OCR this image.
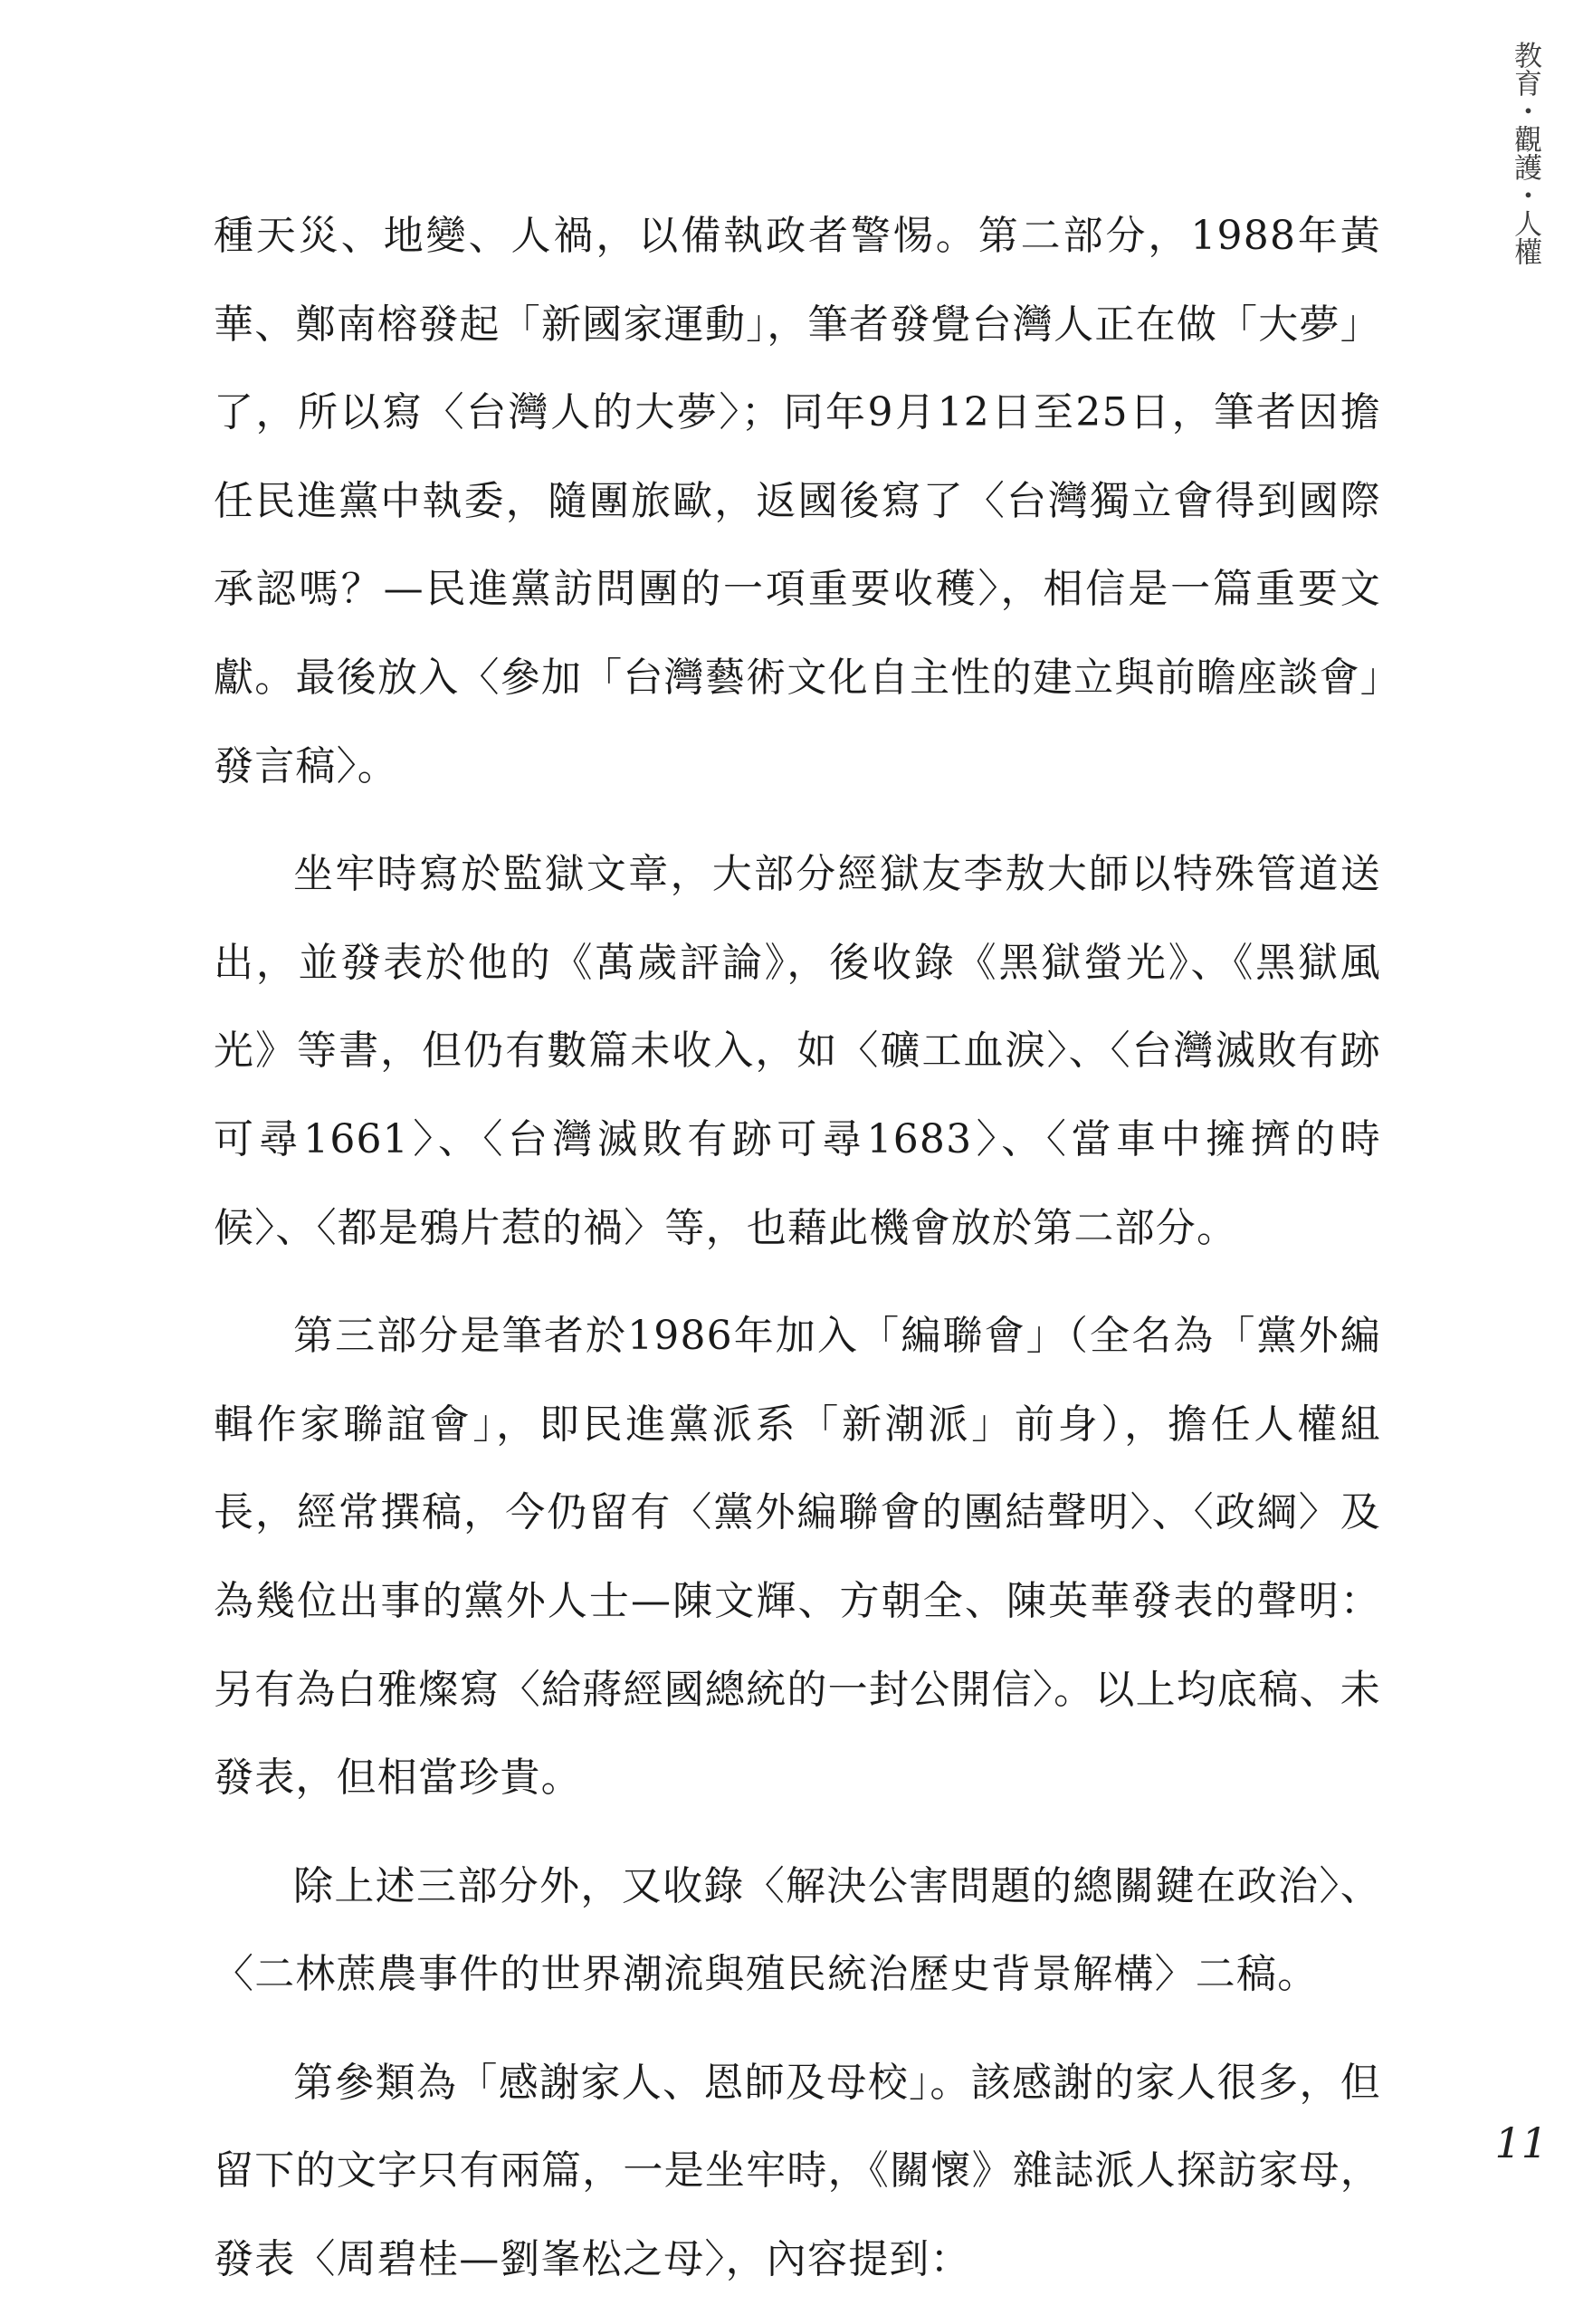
教育・觀護・人權

種天災、地變、人禍，以備執政者警惕。第二部分，1988年黃華、鄭南榕發起「新國家運動」，筆者發覺台灣人正在做「大夢」了，所以寫〈台灣人的大夢〉；同年9月12日至25日，筆者因擔任民進黨中執委，隨團旅歐，返國後寫了〈台灣獨立會得到國際承認嗎？—民進黨訪問團的一項重要收穫〉，相信是一篇重要文獻。最後放入〈參加「台灣藝術文化自主性的建立與前瞻座談會」發言稿〉。

坐牢時寫於監獄文章，大部分經獄友李敖大師以特殊管道送出，並發表於他的《萬歲評論》，後收錄《黑獄螢光》、《黑獄風光》等書，但仍有數篇未收入，如〈礦工血淚〉、〈台灣滅敗有跡可尋1661〉、〈台灣滅敗有跡可尋1683〉、〈當車中擁擠的時候〉、〈都是鴉片惹的禍〉等，也藉此機會放於第二部分。

第三部分是筆者於1986年加入「編聯會」（全名為「黨外編輯作家聯誼會」，即民進黨派系「新潮派」前身），擔任人權組長，經常撰稿，今仍留有〈黨外編聯會的團結聲明〉、〈政綱〉及為幾位出事的黨外人士—陳文輝、方朝全、陳英華發表的聲明：另有為白雅燦寫〈給蔣經國總統的一封公開信〉。以上均底稿、未發表，但相當珍貴。

除上述三部分外，又收錄〈解決公害問題的總關鍵在政治〉、〈二林蔗農事件的世界潮流與殖民統治歷史背景解構〉二稿。

第參類為「感謝家人、恩師及母校」。該感謝的家人很多，但留下的文字只有兩篇，一是坐牢時，《關懷》雜誌派人探訪家母，發表〈周碧桂—劉峯松之母〉，內容提到：

11
